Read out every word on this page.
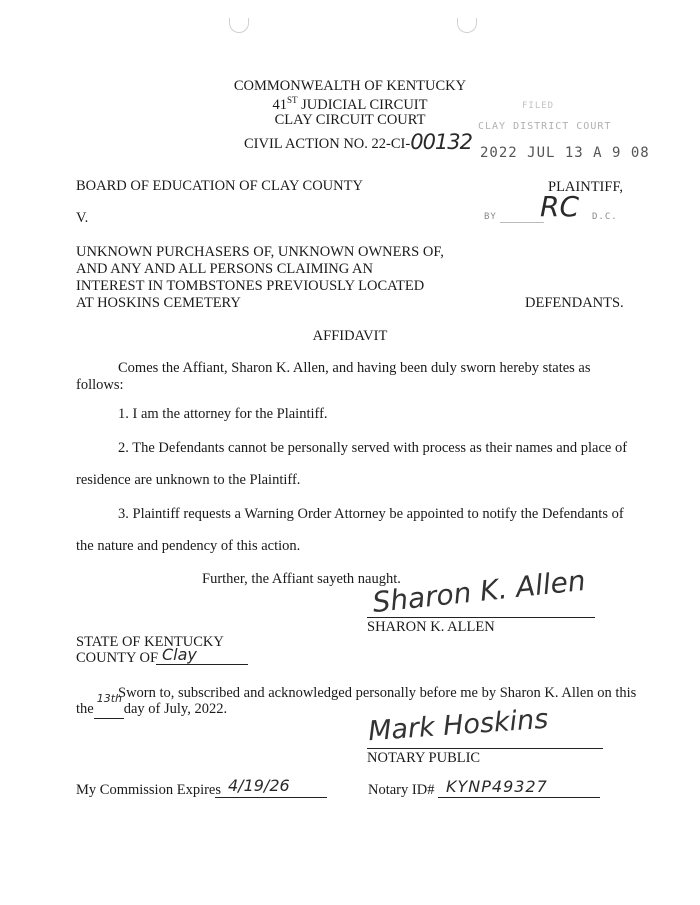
COMMONWEALTH OF KENTUCKY
41ST JUDICIAL CIRCUIT
CLAY CIRCUIT COURT
CIVIL ACTION NO. 22-CI-00132
FILED
CLAY DISTRICT COURT
2022 JUL 13 A 9 08
BOARD OF EDUCATION OF CLAY COUNTY	PLAINTIFF,
V.	BY RC D.C.
UNKNOWN PURCHASERS OF, UNKNOWN OWNERS OF,
AND ANY AND ALL PERSONS CLAIMING AN
INTEREST IN TOMBSTONES PREVIOUSLY LOCATED
AT HOSKINS CEMETERY	DEFENDANTS.
AFFIDAVIT
Comes the Affiant, Sharon K. Allen, and having been duly sworn hereby states as
follows:
1. I am the attorney for the Plaintiff.
2. The Defendants cannot be personally served with process as their names and place of
residence are unknown to the Plaintiff.
3. Plaintiff requests a Warning Order Attorney be appointed to notify the Defendants of
the nature and pendency of this action.
Further, the Affiant sayeth naught.
Sharon K. Allen
SHARON K. ALLEN
STATE OF KENTUCKY
COUNTY OF Clay
Sworn to, subscribed and acknowledged personally before me by Sharon K. Allen on this
the
13th
day of July, 2022.	Mark Hoskins
NOTARY PUBLIC
My Commission Expires 4/19/26	Notary ID# KYNP49327
